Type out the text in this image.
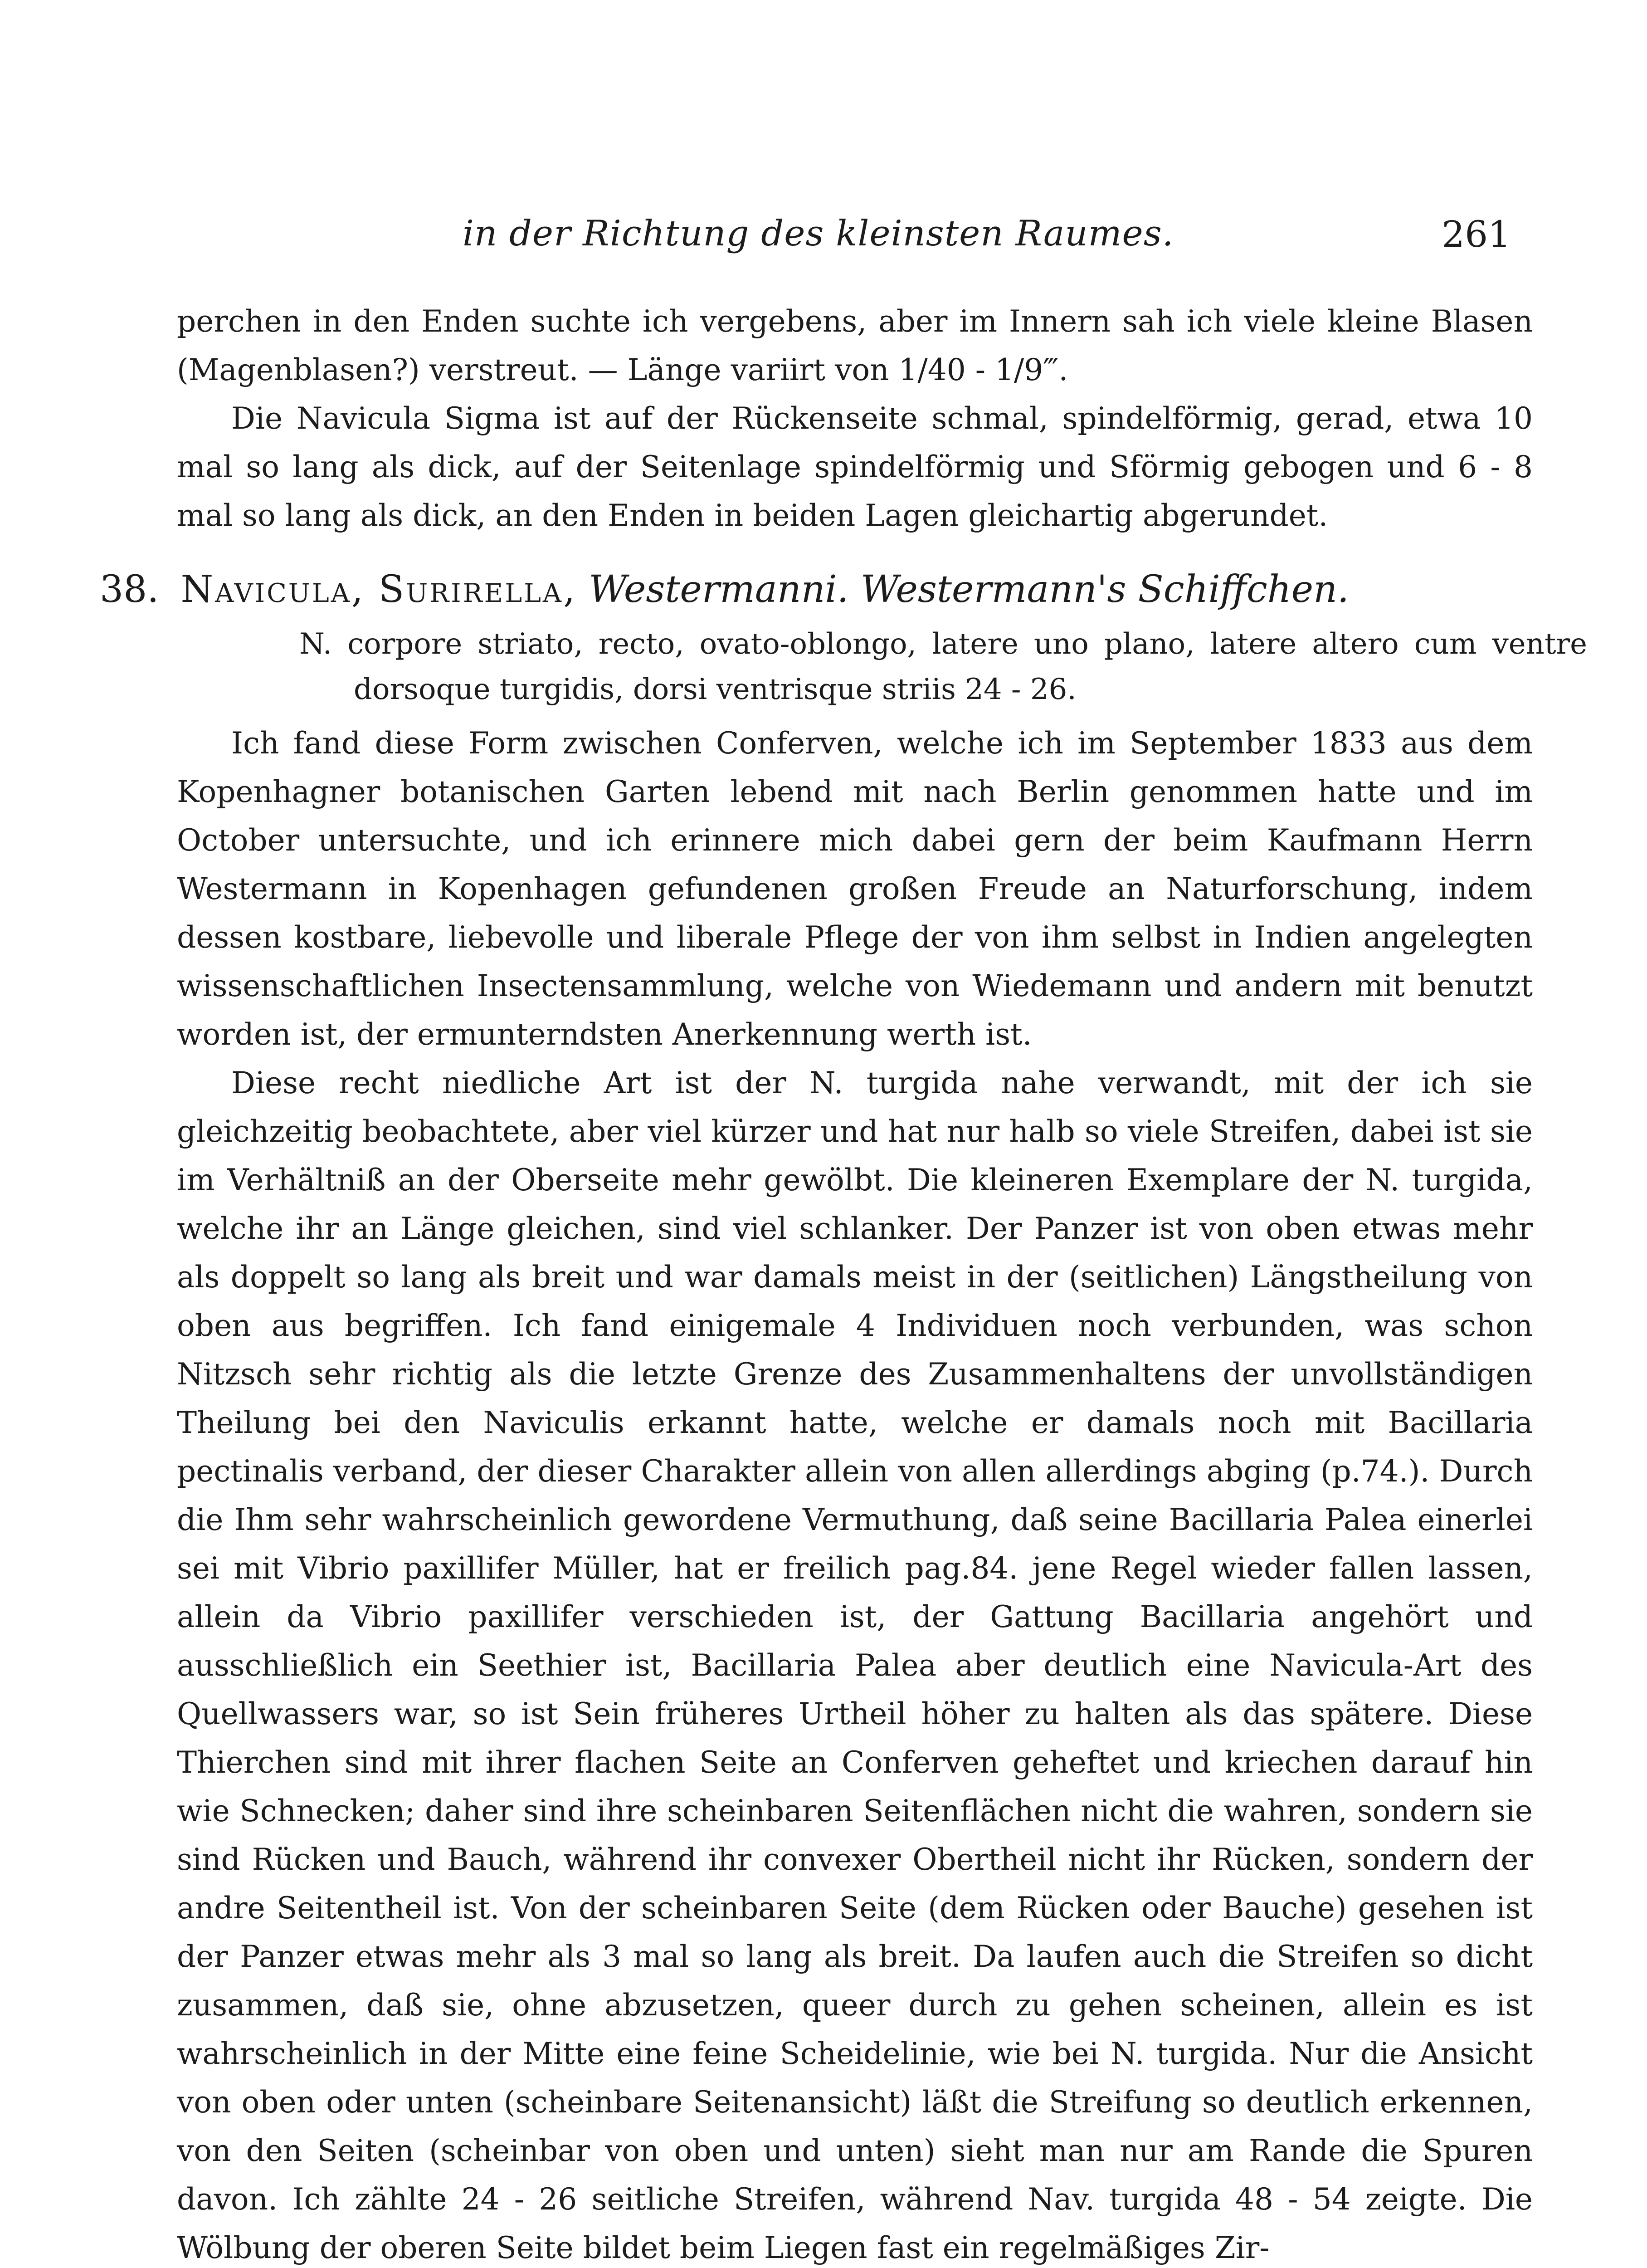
in der Richtung des kleinsten Raumes.	261

perchen in den Enden suchte ich vergebens, aber im Innern sah ich viele kleine Blasen (Magenblasen?) verstreut. — Länge variirt von 1/40 - 1/9‴.

Die Navicula Sigma ist auf der Rückenseite schmal, spindelförmig, gerad, etwa 10 mal so lang als dick, auf der Seitenlage spindelförmig und Sförmig gebogen und 6 - 8 mal so lang als dick, an den Enden in beiden Lagen gleichartig abgerundet.

38. Navicula, Surirella, Westermanni. Westermann's Schiffchen.
N. corpore striato, recto, ovato-oblongo, latere uno plano, latere altero cum ventre dorsoque turgidis, dorsi ventrisque striis 24 - 26.

Ich fand diese Form zwischen Conferven, welche ich im September 1833 aus dem Kopenhagner botanischen Garten lebend mit nach Berlin genommen hatte und im October untersuchte, und ich erinnere mich dabei gern der beim Kaufmann Herrn Westermann in Kopenhagen gefundenen großen Freude an Naturforschung, indem dessen kostbare, liebevolle und liberale Pflege der von ihm selbst in Indien angelegten wissenschaftlichen Insectensammlung, welche von Wiedemann und andern mit benutzt worden ist, der ermunterndsten Anerkennung werth ist.

Diese recht niedliche Art ist der N. turgida nahe verwandt, mit der ich sie gleichzeitig beobachtete, aber viel kürzer und hat nur halb so viele Streifen, dabei ist sie im Verhältniß an der Oberseite mehr gewölbt. Die kleineren Exemplare der N. turgida, welche ihr an Länge gleichen, sind viel schlanker. Der Panzer ist von oben etwas mehr als doppelt so lang als breit und war damals meist in der (seitlichen) Längstheilung von oben aus begriffen. Ich fand einigemale 4 Individuen noch verbunden, was schon Nitzsch sehr richtig als die letzte Grenze des Zusammenhaltens der unvollständigen Theilung bei den Naviculis erkannt hatte, welche er damals noch mit Bacillaria pectinalis verband, der dieser Charakter allein von allen allerdings abging (p.74.). Durch die Ihm sehr wahrscheinlich gewordene Vermuthung, daß seine Bacillaria Palea einerlei sei mit Vibrio paxillifer Müller, hat er freilich pag.84. jene Regel wieder fallen lassen, allein da Vibrio paxillifer verschieden ist, der Gattung Bacillaria angehört und ausschließlich ein Seethier ist, Bacillaria Palea aber deutlich eine Navicula-Art des Quellwassers war, so ist Sein früheres Urtheil höher zu halten als das spätere. Diese Thierchen sind mit ihrer flachen Seite an Conferven geheftet und kriechen darauf hin wie Schnecken; daher sind ihre scheinbaren Seitenflächen nicht die wahren, sondern sie sind Rücken und Bauch, während ihr convexer Obertheil nicht ihr Rücken, sondern der andre Seitentheil ist. Von der scheinbaren Seite (dem Rücken oder Bauche) gesehen ist der Panzer etwas mehr als 3 mal so lang als breit. Da laufen auch die Streifen so dicht zusammen, daß sie, ohne abzusetzen, queer durch zu gehen scheinen, allein es ist wahrscheinlich in der Mitte eine feine Scheidelinie, wie bei N. turgida. Nur die Ansicht von oben oder unten (scheinbare Seitenansicht) läßt die Streifung so deutlich erkennen, von den Seiten (scheinbar von oben und unten) sieht man nur am Rande die Spuren davon. Ich zählte 24 - 26 seitliche Streifen, während Nav. turgida 48 - 54 zeigte. Die Wölbung der oberen Seite bildet beim Liegen fast ein regelmäßiges Zir-
